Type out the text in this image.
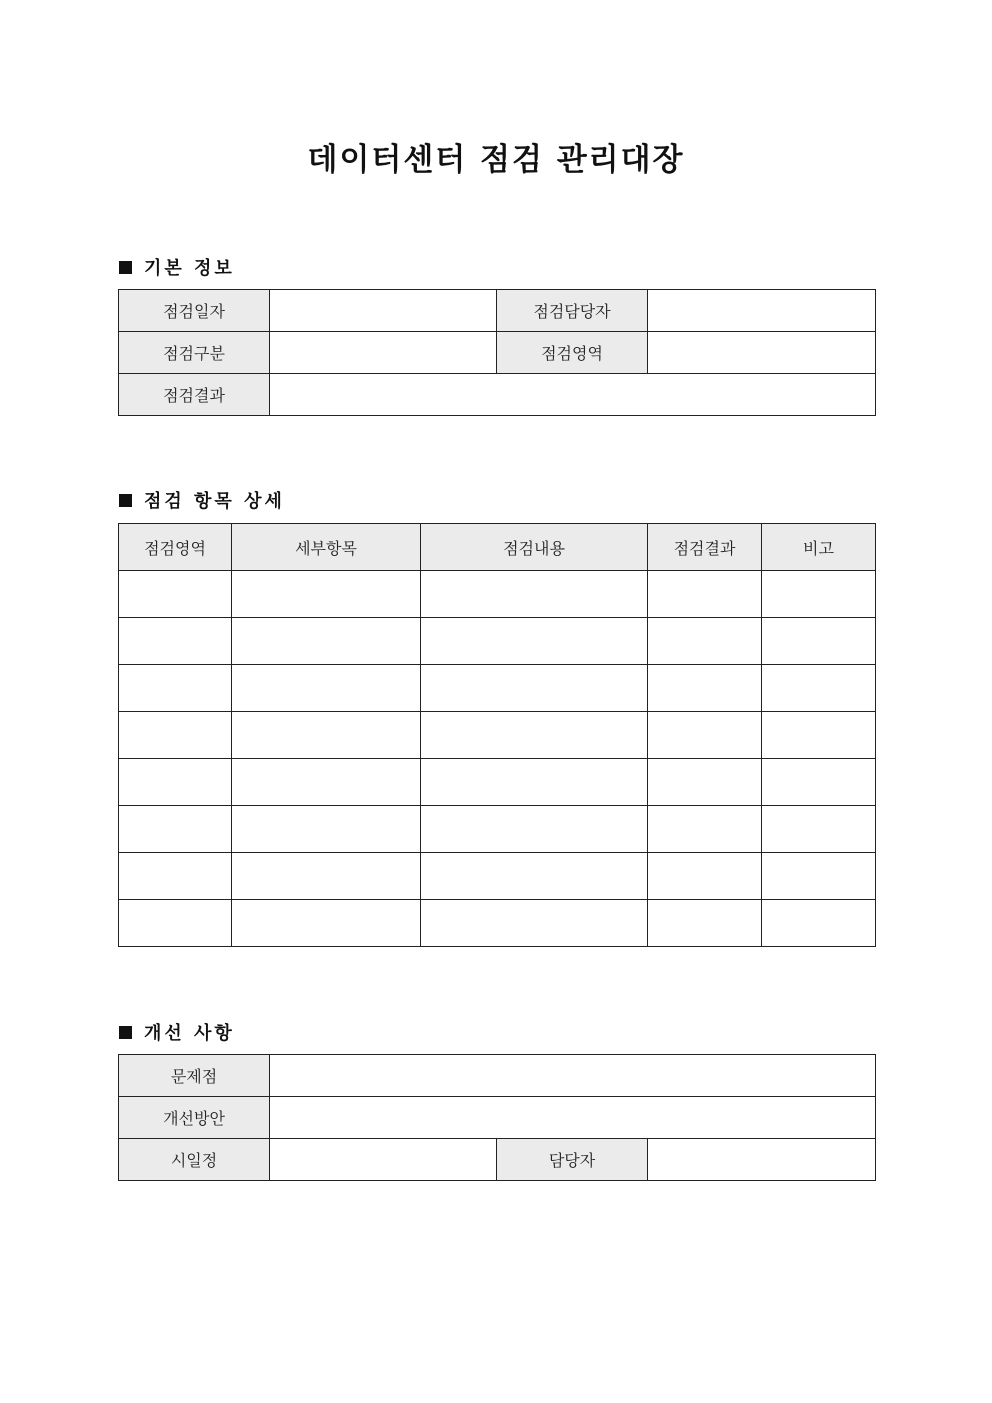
데이터센터 점검 관리대장
기본 정보
점검일자		점검담당자	
점검구분		점검영역	
점검결과			
점검 항목 상세
점검영역	세부항목	점검내용	점검결과	비고

개선 사항
문제점			
개선방안			
시일정		담당자	
